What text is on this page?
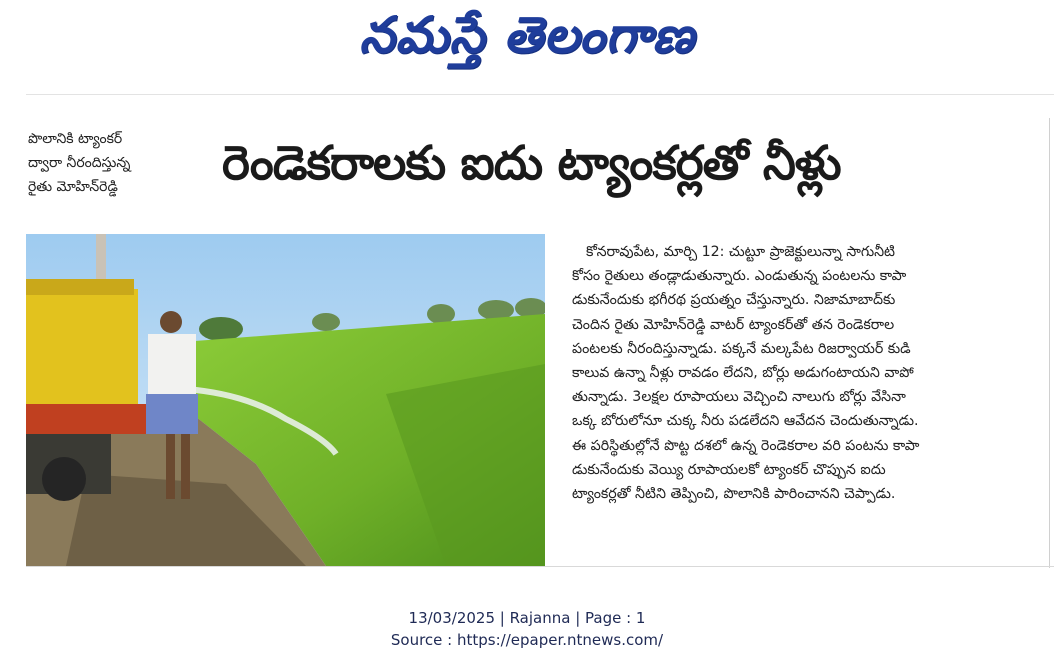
నమస్తే తెలంగాణ
పొలానికి ట్యాంకర్
ద్వారా నీరందిస్తున్న
రైతు మోహిన్‌రెడ్డి	రెండెకరాలకు ఐదు ట్యాంకర్లతో నీళ్లు
కోనరావుపేట, మార్చి 12: చుట్టూ ప్రాజెక్టులున్నా సాగునీటి
కోసం రైతులు తండ్లాడుతున్నారు. ఎండుతున్న పంటలను కాపా
డుకునేందుకు భగీరథ ప్రయత్నం చేస్తున్నారు. నిజామాబాద్‌కు
చెందిన రైతు మోహిన్‌రెడ్డి వాటర్ ట్యాంకర్‌తో తన రెండెకరాల
పంటలకు నీరందిస్తున్నాడు. పక్కనే మల్కపేట రిజర్వాయర్ కుడి
కాలువ ఉన్నా నీళ్లు రావడం లేదని, బోర్లు అడుగంటాయని వాపో
తున్నాడు. 3లక్షల రూపాయలు వెచ్చించి నాలుగు బోర్లు వేసినా
ఒక్క బోరులోనూ చుక్క నీరు పడలేదని ఆవేదన చెందుతున్నాడు.
ఈ పరిస్థితుల్లోనే పొట్ట దశలో ఉన్న రెండెకరాల వరి పంటను కాపా
డుకునేందుకు వెయ్యి రూపాయలకో ట్యాంకర్ చొప్పున ఐదు
ట్యాంకర్లతో నీటిని తెప్పించి, పొలానికి పారించానని చెప్పాడు.
13/03/2025 | Rajanna | Page : 1
Source : https://epaper.ntnews.com/
